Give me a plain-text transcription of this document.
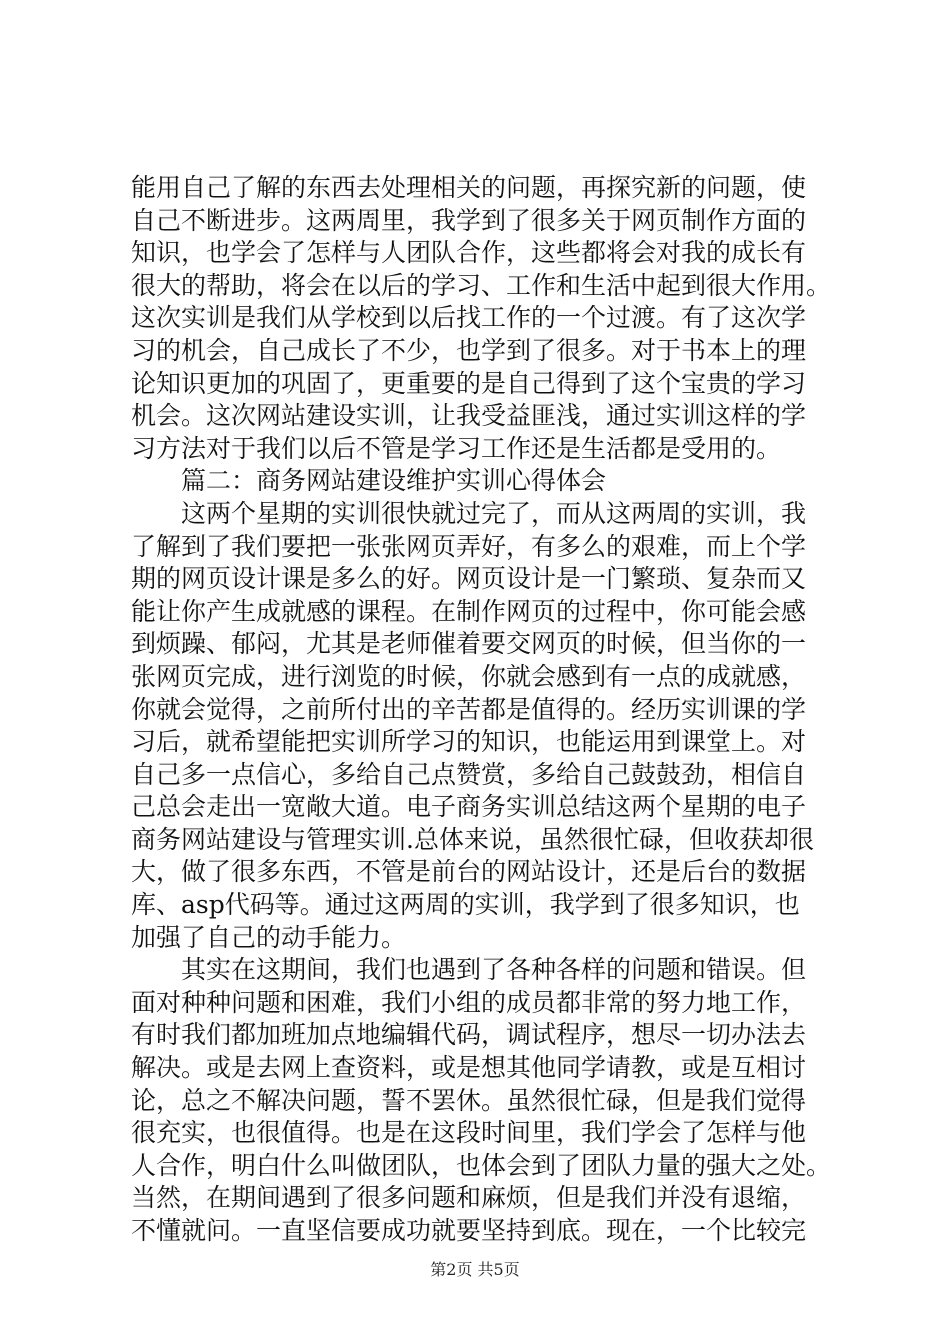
能用自己了解的东西去处理相关的问题，再探究新的问题，使
自己不断进步。这两周里，我学到了很多关于网页制作方面的
知识，也学会了怎样与人团队合作，这些都将会对我的成长有
很大的帮助，将会在以后的学习、工作和生活中起到很大作用。
这次实训是我们从学校到以后找工作的一个过渡。有了这次学
习的机会，自己成长了不少，也学到了很多。对于书本上的理
论知识更加的巩固了，更重要的是自己得到了这个宝贵的学习
机会。这次网站建设实训，让我受益匪浅，通过实训这样的学
习方法对于我们以后不管是学习工作还是生活都是受用的。
　　篇二：商务网站建设维护实训心得体会
　　这两个星期的实训很快就过完了，而从这两周的实训，我
了解到了我们要把一张张网页弄好，有多么的艰难，而上个学
期的网页设计课是多么的好。网页设计是一门繁琐、复杂而又
能让你产生成就感的课程。在制作网页的过程中，你可能会感
到烦躁、郁闷，尤其是老师催着要交网页的时候，但当你的一
张网页完成，进行浏览的时候，你就会感到有一点的成就感，
你就会觉得，之前所付出的辛苦都是值得的。经历实训课的学
习后，就希望能把实训所学习的知识，也能运用到课堂上。对
自己多一点信心，多给自己点赞赏，多给自己鼓鼓劲，相信自
己总会走出一宽敞大道。电子商务实训总结这两个星期的电子
商务网站建设与管理实训.总体来说，虽然很忙碌，但收获却很
大，做了很多东西，不管是前台的网站设计，还是后台的数据
库、asp代码等。通过这两周的实训，我学到了很多知识，也
加强了自己的动手能力。
　　其实在这期间，我们也遇到了各种各样的问题和错误。但
面对种种问题和困难，我们小组的成员都非常的努力地工作，
有时我们都加班加点地编辑代码，调试程序，想尽一切办法去
解决。或是去网上查资料，或是想其他同学请教，或是互相讨
论，总之不解决问题，誓不罢休。虽然很忙碌，但是我们觉得
很充实，也很值得。也是在这段时间里，我们学会了怎样与他
人合作，明白什么叫做团队，也体会到了团队力量的强大之处。
当然，在期间遇到了很多问题和麻烦，但是我们并没有退缩，
不懂就问。一直坚信要成功就要坚持到底。现在，一个比较完
第2页 共5页
